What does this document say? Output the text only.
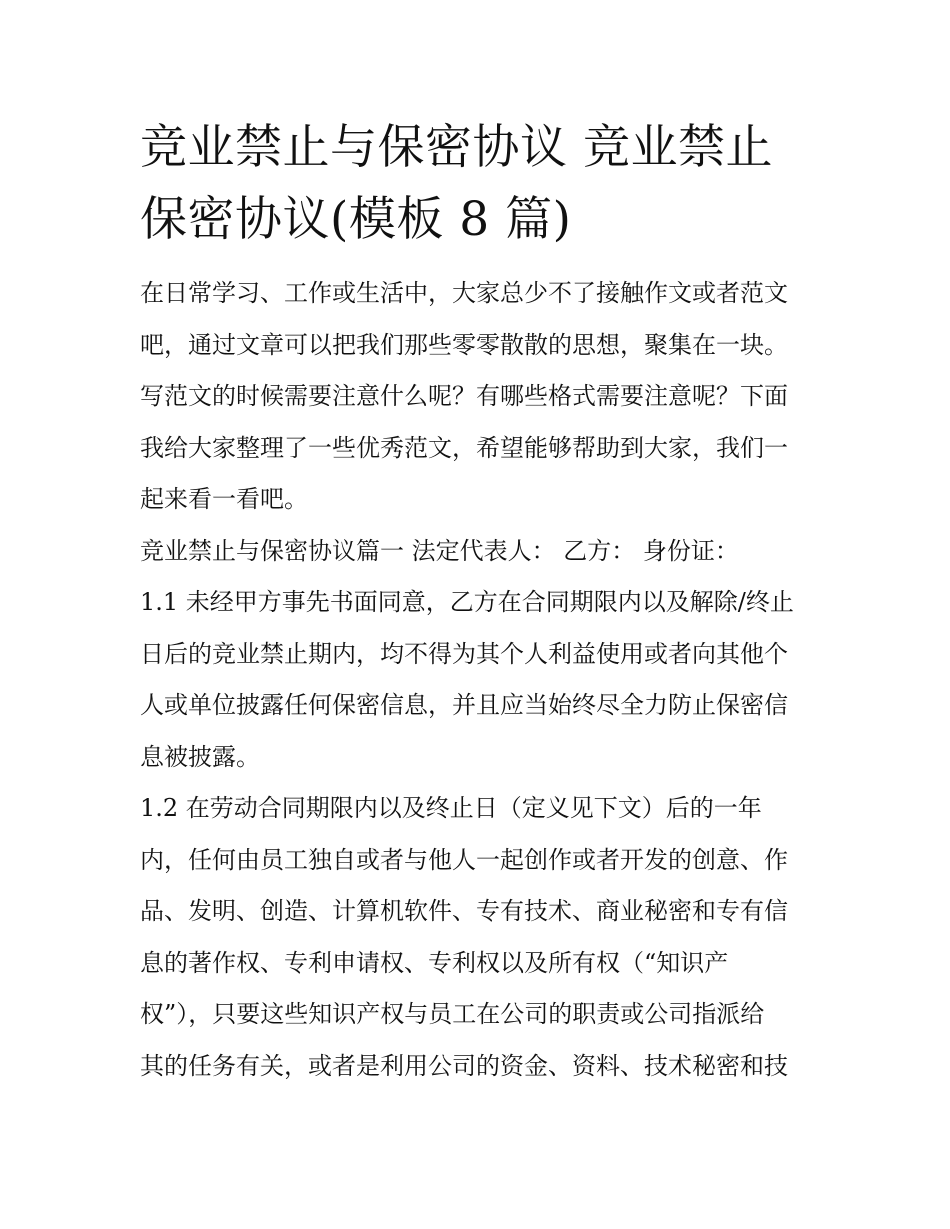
竞业禁止与保密协议 竞业禁止
保密协议(模板 8 篇)

在日常学习、工作或生活中，大家总少不了接触作文或者范文
吧，通过文章可以把我们那些零零散散的思想，聚集在一块。
写范文的时候需要注意什么呢？有哪些格式需要注意呢？下面
我给大家整理了一些优秀范文，希望能够帮助到大家，我们一
起来看一看吧。

竞业禁止与保密协议篇一 法定代表人： 乙方： 身份证：

1.1 未经甲方事先书面同意，乙方在合同期限内以及解除/终止
日后的竞业禁止期内，均不得为其个人利益使用或者向其他个
人或单位披露任何保密信息，并且应当始终尽全力防止保密信
息被披露。

1.2 在劳动合同期限内以及终止日（定义见下文）后的一年
内，任何由员工独自或者与他人一起创作或者开发的创意、作
品、发明、创造、计算机软件、专有技术、商业秘密和专有信
息的著作权、专利申请权、专利权以及所有权（“知识产
权”），只要这些知识产权与员工在公司的职责或公司指派给
其的任务有关，或者是利用公司的资金、资料、技术秘密和技
